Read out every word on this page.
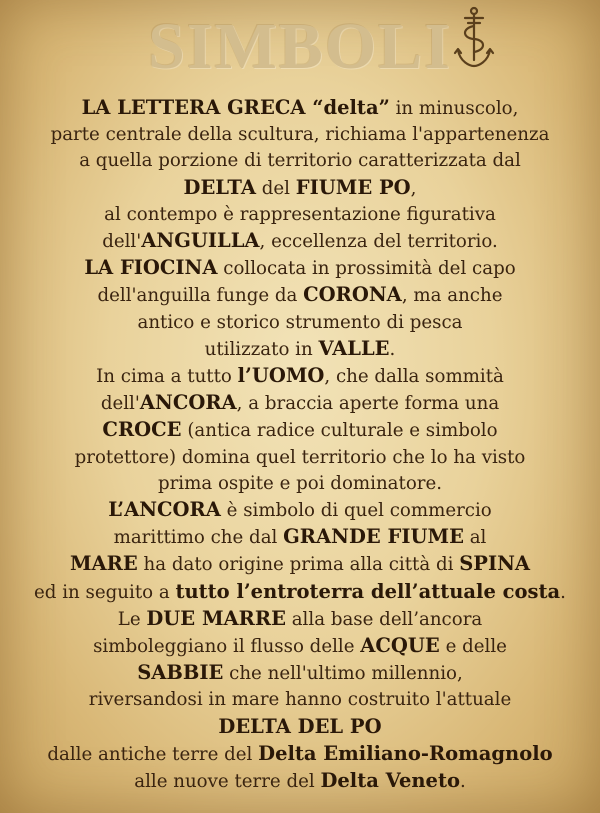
SIMBOLI
LA LETTERA GRECA “delta” in minuscolo,
parte centrale della scultura, richiama l'appartenenza
a quella porzione di territorio caratterizzata dal
DELTA del FIUME PO,
al contempo è rappresentazione figurativa
dell'ANGUILLA, eccellenza del territorio.
LA FIOCINA collocata in prossimità del capo
dell'anguilla funge da CORONA, ma anche
antico e storico strumento di pesca
utilizzato in VALLE.
In cima a tutto l’UOMO, che dalla sommità
dell'ANCORA, a braccia aperte forma una
CROCE (antica radice culturale e simbolo
protettore) domina quel territorio che lo ha visto
prima ospite e poi dominatore.
L’ANCORA è simbolo di quel commercio
marittimo che dal GRANDE FIUME al
MARE ha dato origine prima alla città di SPINA
ed in seguito a tutto l’entroterra dell’attuale costa.
Le DUE MARRE alla base dell’ancora
simboleggiano il flusso delle ACQUE e delle
SABBIE che nell'ultimo millennio,
riversandosi in mare hanno costruito l'attuale
DELTA DEL PO
dalle antiche terre del Delta Emiliano-Romagnolo
alle nuove terre del Delta Veneto.
